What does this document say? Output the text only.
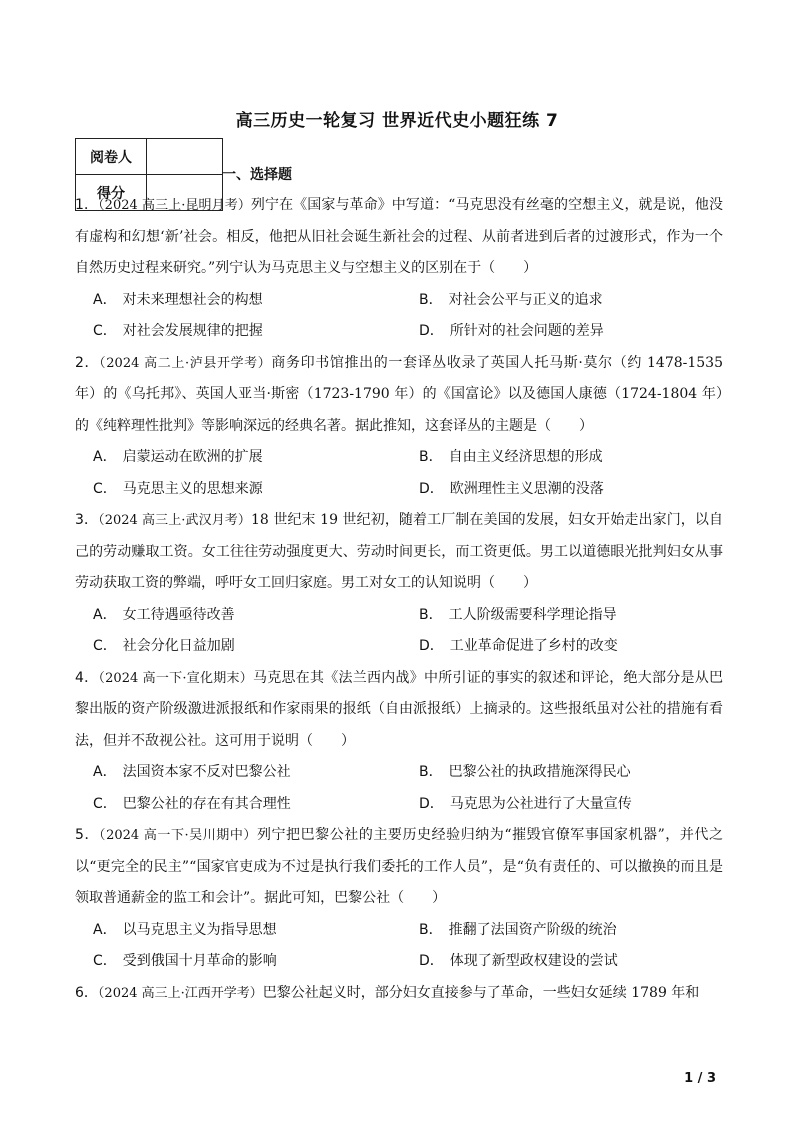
高三历史一轮复习 世界近代史小题狂练 7
阅卷人	
得分	
一、选择题

1．（2024 高三上·昆明月考）列宁在《国家与革命》中写道：“马克思没有丝毫的空想主义，就是说，他没有虚构和幻想‘新’社会。相反，他把从旧社会诞生新社会的过程、从前者进到后者的过渡形式，作为一个自然历史过程来研究。”列宁认为马克思主义与空想主义的区别在于（　　）

A． 对未来理想社会的构想	B． 对社会公平与正义的追求
C． 对社会发展规律的把握	D． 所针对的社会问题的差异

2．（2024 高二上·泸县开学考）商务印书馆推出的一套译丛收录了英国人托马斯·莫尔（约 1478-1535 年）的《乌托邦》、英国人亚当·斯密（1723-1790 年）的《国富论》以及德国人康德（1724-1804 年）的《纯粹理性批判》等影响深远的经典名著。据此推知，这套译丛的主题是（　　）

A． 启蒙运动在欧洲的扩展	B． 自由主义经济思想的形成
C． 马克思主义的思想来源	D． 欧洲理性主义思潮的没落

3．（2024 高三上·武汉月考）18 世纪末 19 世纪初，随着工厂制在美国的发展，妇女开始走出家门，以自己的劳动赚取工资。女工往往劳动强度更大、劳动时间更长，而工资更低。男工以道德眼光批判妇女从事劳动获取工资的弊端，呼吁女工回归家庭。男工对女工的认知说明（　　）

A． 女工待遇亟待改善	B． 工人阶级需要科学理论指导
C． 社会分化日益加剧	D． 工业革命促进了乡村的改变

4．（2024 高一下·宣化期末）马克思在其《法兰西内战》中所引证的事实的叙述和评论，绝大部分是从巴黎出版的资产阶级激进派报纸和作家雨果的报纸（自由派报纸）上摘录的。这些报纸虽对公社的措施有看法，但并不敌视公社。这可用于说明（　　）

A． 法国资本家不反对巴黎公社	B． 巴黎公社的执政措施深得民心
C． 巴黎公社的存在有其合理性	D． 马克思为公社进行了大量宣传

5．（2024 高一下·吴川期中）列宁把巴黎公社的主要历史经验归纳为“摧毁官僚军事国家机器”，并代之以“更完全的民主”“国家官吏成为不过是执行我们委托的工作人员”，是“负有责任的、可以撤换的而且是领取普通薪金的监工和会计”。据此可知，巴黎公社（　　）

A． 以马克思主义为指导思想	B． 推翻了法国资产阶级的统治
C． 受到俄国十月革命的影响	D． 体现了新型政权建设的尝试

6．（2024 高三上·江西开学考）巴黎公社起义时，部分妇女直接参与了革命，一些妇女延续 1789 年和

1 / 3
